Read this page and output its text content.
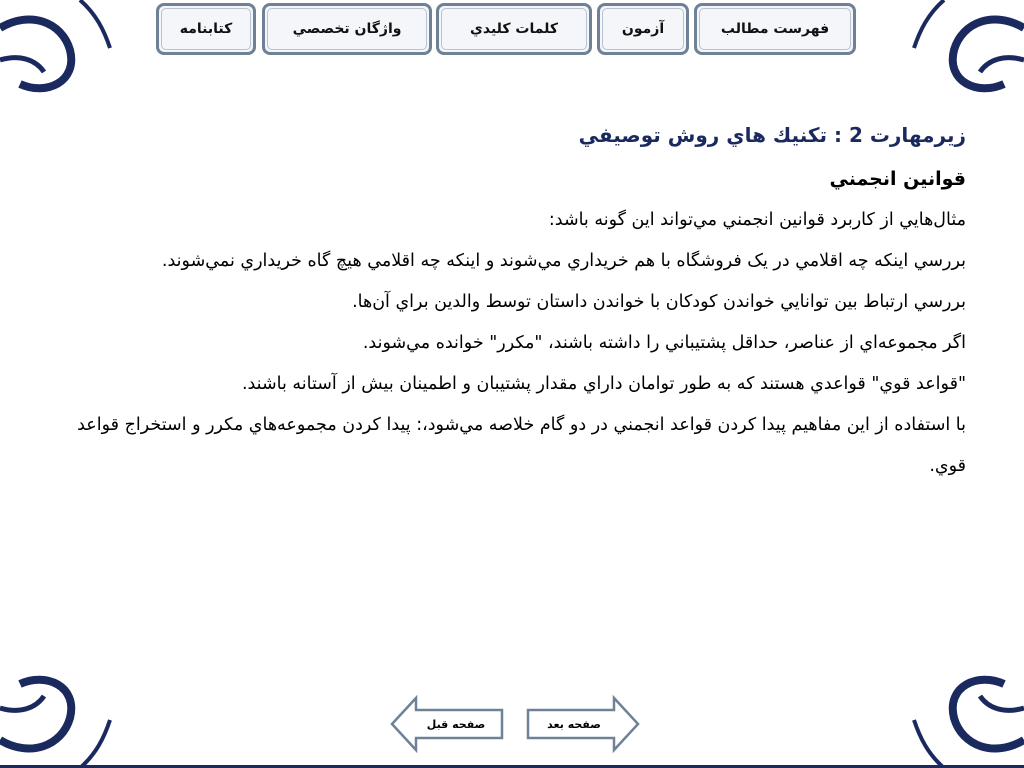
فهرست مطالب
آزمون
كلمات كليدي
واژگان تخصصي
كتابنامه
زيرمهارت 2 : تكنيك هاي روش توصيفي
قوانين انجمني

مثال‌هايي از كاربرد قوانين انجمني مي‌تواند اين گونه باشد:

بررسي اينكه چه اقلامي در يک فروشگاه با هم خريداري مي‌شوند و اينكه چه اقلامي هيچ گاه خريداري نمي‌شوند.

بررسي ارتباط بين توانايي خواندن كودكان با خواندن داستان توسط والدين براي آن‌ها.

اگر مجموعه‌اي از عناصر، حداقل پشتيباني را داشته باشند، "مكرر" خوانده مي‌شوند.

"قواعد قوي" قواعدي هستند كه به طور توامان داراي مقدار پشتيبان و اطمينان بيش از آستانه باشند.

با استفاده از اين مفاهيم پيدا كردن قواعد انجمني در دو گام خلاصه مي‌شود،: پيدا كردن مجموعه‌هاي مكرر و استخراج قواعد قوي.

صفحه قبل	صفحه بعد
